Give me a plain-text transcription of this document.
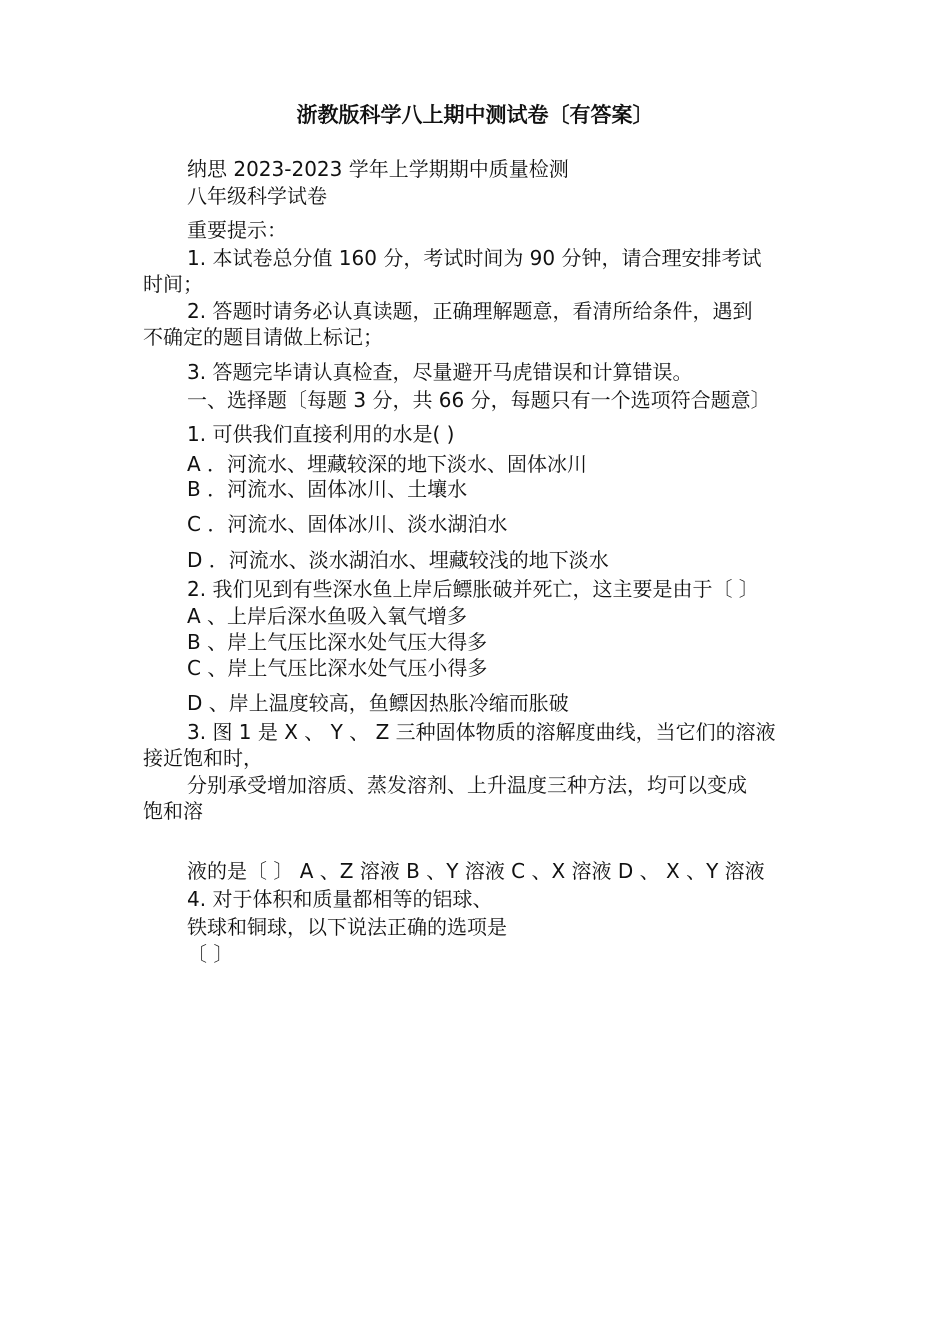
浙教版科学八上期中测试卷〔有答案〕
纳思 2023-2023 学年上学期期中质量检测
八年级科学试卷
重要提示：
1. 本试卷总分值 160 分，考试时间为 90 分钟，请合理安排考试
时间；
2. 答题时请务必认真读题，正确理解题意，看清所给条件，遇到
不确定的题目请做上标记；
3. 答题完毕请认真检查，尽量避开马虎错误和计算错误。
一、选择题〔每题 3 分，共 66 分，每题只有一个选项符合题意〕
1. 可供我们直接利用的水是( )
A ．河流水、埋藏较深的地下淡水、固体冰川
B ．河流水、固体冰川、土壤水
C ．河流水、固体冰川、淡水湖泊水
D ．河流水、淡水湖泊水、埋藏较浅的地下淡水
2. 我们见到有些深水鱼上岸后鳔胀破并死亡，这主要是由于〔 〕
A 、上岸后深水鱼吸入氧气增多
B 、岸上气压比深水处气压大得多
C 、岸上气压比深水处气压小得多
D 、岸上温度较高，鱼鳔因热胀冷缩而胀破
3. 图 1 是 X 、 Y 、 Z 三种固体物质的溶解度曲线，当它们的溶液
接近饱和时，
分别承受增加溶质、蒸发溶剂、上升温度三种方法，均可以变成
饱和溶
液的是〔 〕 A 、Z 溶液 B 、Y 溶液 C 、X 溶液 D 、 X 、Y 溶液
4. 对于体积和质量都相等的铝球、
铁球和铜球，以下说法正确的选项是
〔 〕
